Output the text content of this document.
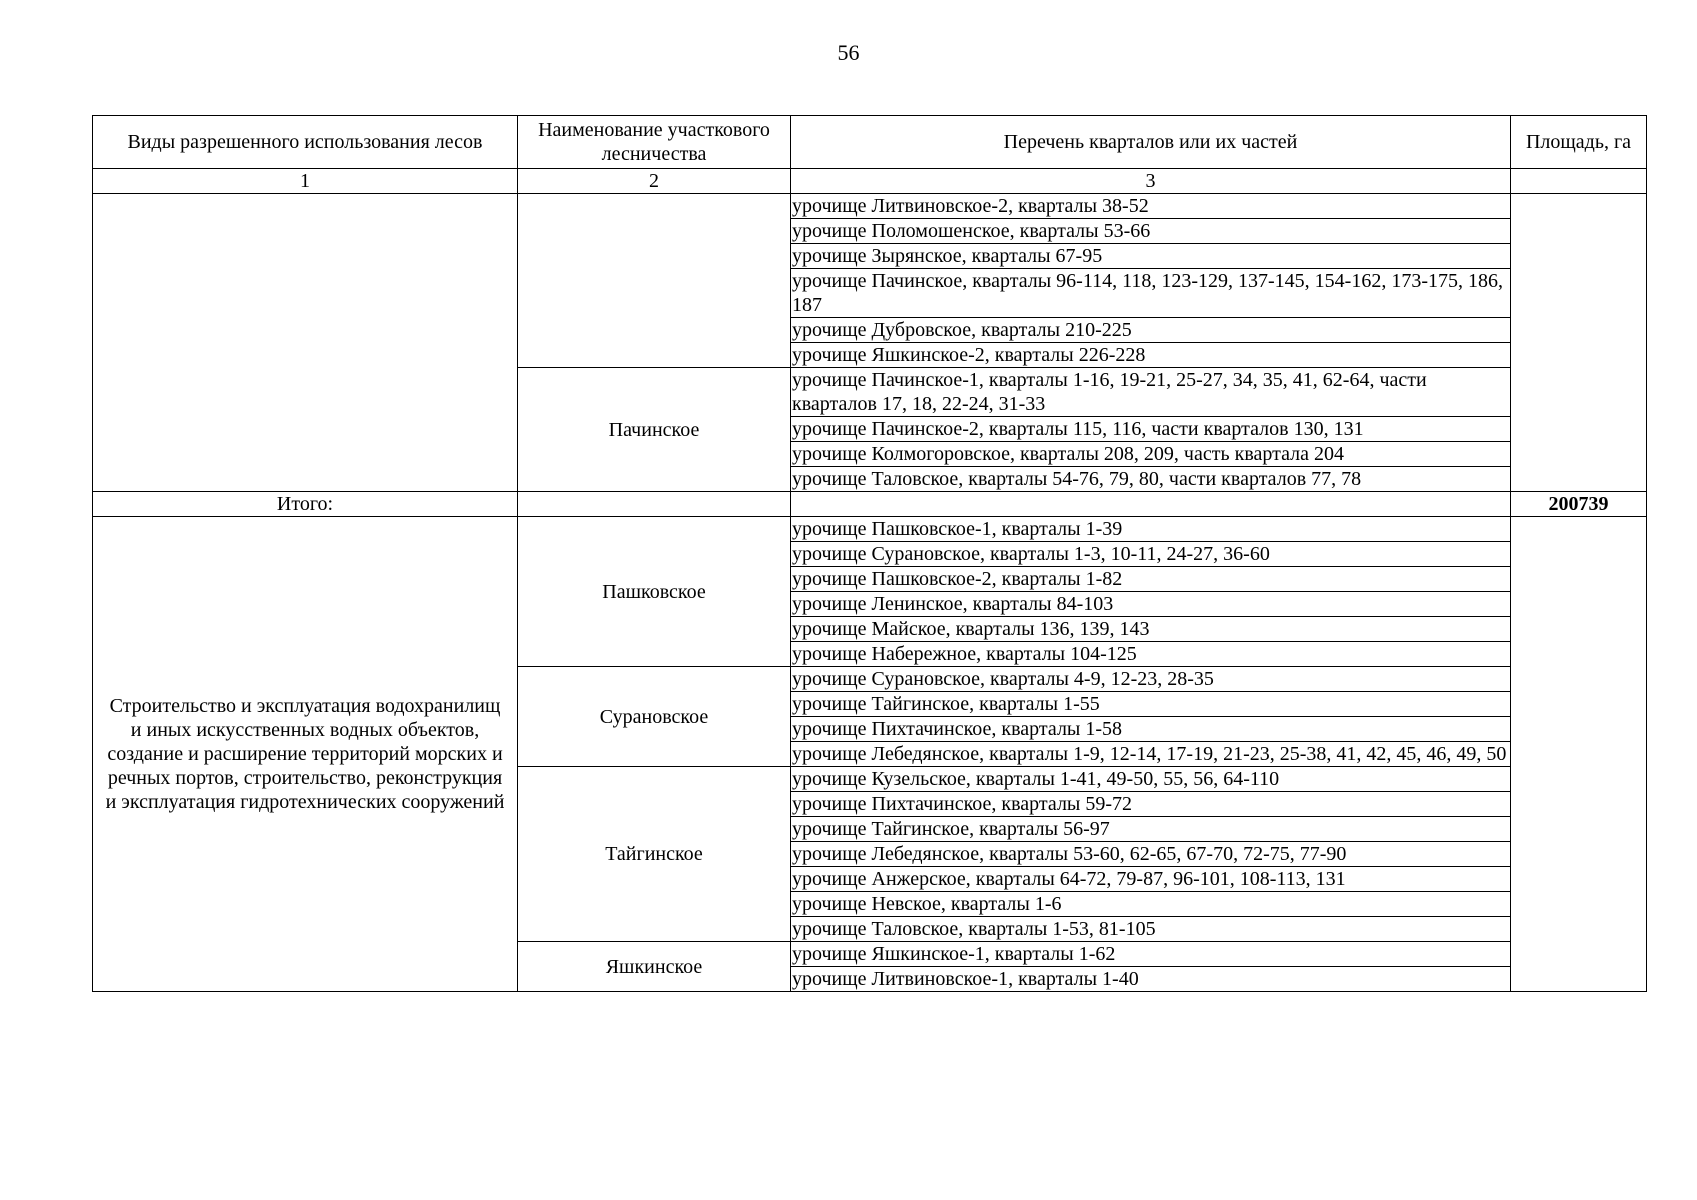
56
Виды разрешенного использования лесов	Наименование участкового лесничества	Перечень кварталов или их частей	Площадь, га
1	2	3	
		урочище Литвиновское-2, кварталы 38-52	
		урочище Поломошенское, кварталы 53-66	
		урочище Зырянское, кварталы 67-95	
		урочище Пачинское, кварталы 96-114, 118, 123-129, 137-145, 154-162, 173-175, 186, 187	
		урочище Дубровское, кварталы 210-225	
		урочище Яшкинское-2, кварталы 226-228	
	Пачинское	урочище Пачинское-1, кварталы 1-16, 19-21, 25-27, 34, 35, 41, 62-64, части кварталов 17, 18, 22-24, 31-33	
		урочище Пачинское-2, кварталы 115, 116, части кварталов 130, 131	
		урочище Колмогоровское, кварталы 208, 209, часть квартала 204	
		урочище Таловское, кварталы 54-76, 79, 80, части кварталов 77, 78	
Итого:			200739
Строительство и эксплуатация водохранилищ и иных искусственных водных объектов, создание и расширение территорий морских и речных портов, строительство, реконструкция и эксплуатация гидротехнических сооружений	Пашковское	урочище Пашковское-1, кварталы 1-39	
		урочище Сурановское, кварталы 1-3, 10-11, 24-27, 36-60	
		урочище Пашковское-2, кварталы 1-82	
		урочище Ленинское, кварталы 84-103	
		урочище Майское, кварталы 136, 139, 143	
		урочище Набережное, кварталы 104-125	
	Сурановское	урочище Сурановское, кварталы 4-9, 12-23, 28-35	
		урочище Тайгинское, кварталы 1-55	
		урочище Пихтачинское, кварталы 1-58	
		урочище Лебедянское, кварталы 1-9, 12-14, 17-19, 21-23, 25-38, 41, 42, 45, 46, 49, 50	
	Тайгинское	урочище Кузельское, кварталы 1-41, 49-50, 55, 56, 64-110	
		урочище Пихтачинское, кварталы 59-72	
		урочище Тайгинское, кварталы 56-97	
		урочище Лебедянское, кварталы 53-60, 62-65, 67-70, 72-75, 77-90	
		урочище Анжерское, кварталы 64-72, 79-87, 96-101, 108-113, 131	
		урочище Невское, кварталы 1-6	
		урочище Таловское, кварталы 1-53, 81-105	
	Яшкинское	урочище Яшкинское-1, кварталы 1-62	
		урочище Литвиновское-1, кварталы 1-40	
